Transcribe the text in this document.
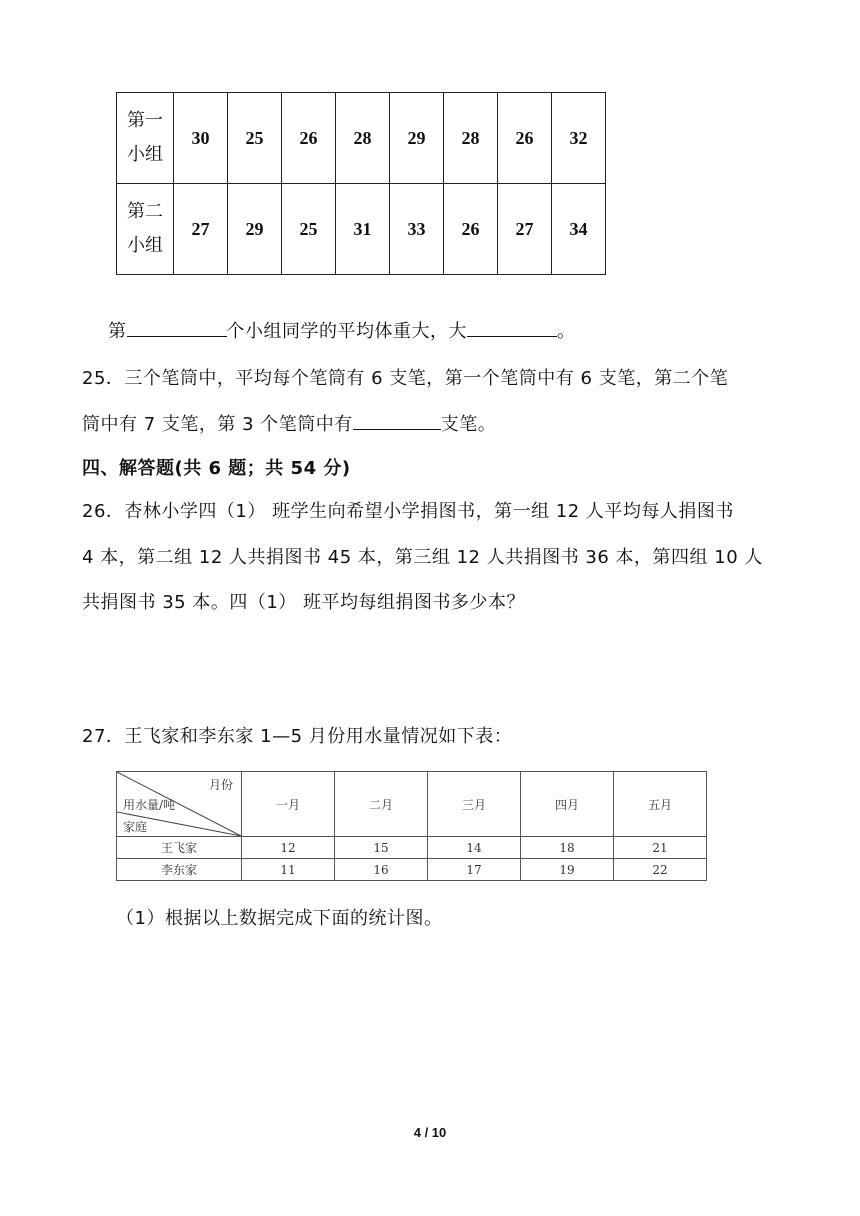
第一
小组	30	25	26	28	29	28	26	32

第二
小组	27	29	25	31	33	26	27	34
第	个小组同学的平均体重大，大	。
25．三个笔筒中，平均每个笔筒有 6 支笔，第一个笔筒中有 6 支笔，第二个笔
筒中有 7 支笔，第 3 个笔筒中有	支笔。
四、解答题(共 6 题；共 54 分)
26．杏林小学四（1） 班学生向希望小学捐图书，第一组 12 人平均每人捐图书
4 本，第二组 12 人共捐图书 45 本，第三组 12 人共捐图书 36 本，第四组 10 人
共捐图书 35 本。四（1） 班平均每组捐图书多少本？
27．王飞家和李东家 1—5 月份用水量情况如下表：
月份
用水量/吨
家庭	一月	二月	三月	四月	五月
王飞家	12	15	14	18	21
李东家	11	16	17	19	22
（1）根据以上数据完成下面的统计图。
4 / 10
